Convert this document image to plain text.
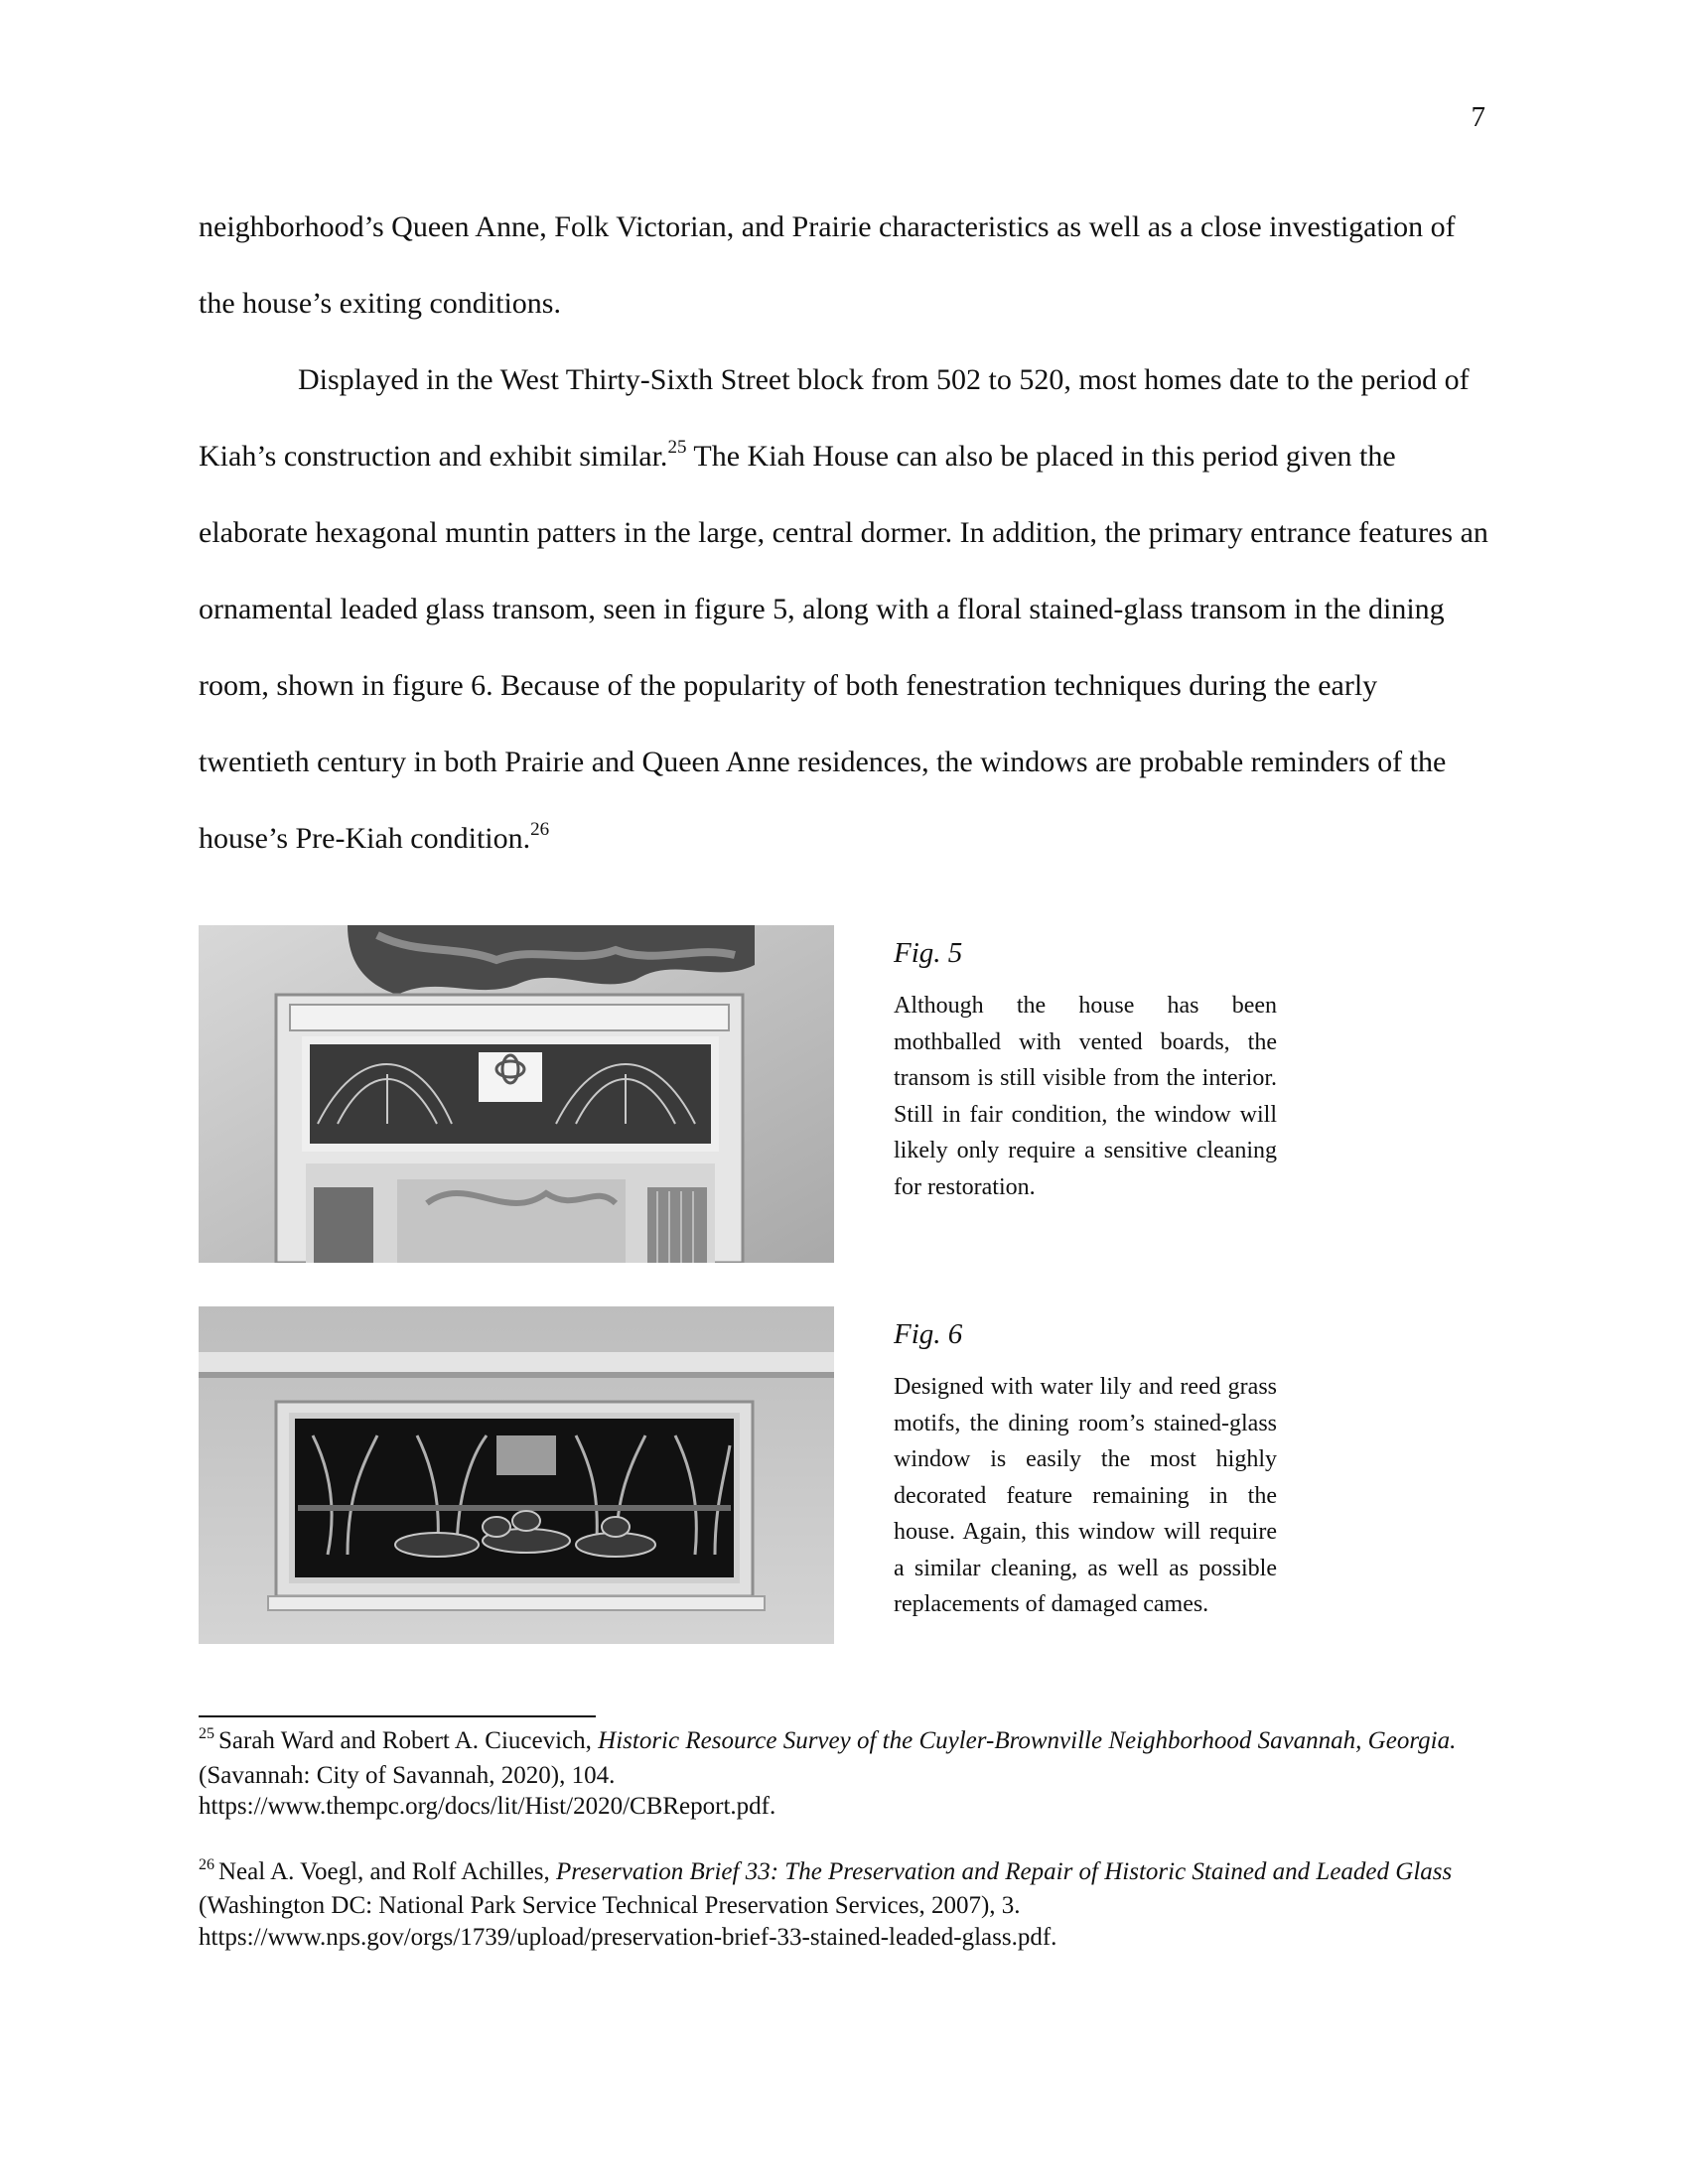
7

neighborhood’s Queen Anne, Folk Victorian, and Prairie characteristics as well as a close investigation of the house’s exiting conditions.

Displayed in the West Thirty-Sixth Street block from 502 to 520, most homes date to the period of Kiah’s construction and exhibit similar.$^{25}$ The Kiah House can also be placed in this period given the elaborate hexagonal muntin patters in the large, central dormer. In addition, the primary entrance features an ornamental leaded glass transom, seen in figure 5, along with a floral stained-glass transom in the dining room, shown in figure 6. Because of the popularity of both fenestration techniques during the early twentieth century in both Prairie and Queen Anne residences, the windows are probable reminders of the house’s Pre-Kiah condition.$^{26}$

Fig. 5

Although the house has been mothballed with vented boards, the transom is still visible from the interior. Still in fair condition, the window will likely only require a sensitive cleaning for restoration.

Fig. 6

Designed with water lily and reed grass motifs, the dining room’s stained-glass window is easily the most highly decorated feature remaining in the house. Again, this window will require a similar cleaning, as well as possible replacements of damaged cames.

$^{25}$ Sarah Ward and Robert A. Ciucevich, Historic Resource Survey of the Cuyler-Brownville Neighborhood Savannah, Georgia. (Savannah: City of Savannah, 2020), 104.
https://www.thempc.org/docs/lit/Hist/2020/CBReport.pdf.

$^{26}$ Neal A. Voegl, and Rolf Achilles, Preservation Brief 33: The Preservation and Repair of Historic Stained and Leaded Glass (Washington DC: National Park Service Technical Preservation Services, 2007), 3.
https://www.nps.gov/orgs/1739/upload/preservation-brief-33-stained-leaded-glass.pdf.
